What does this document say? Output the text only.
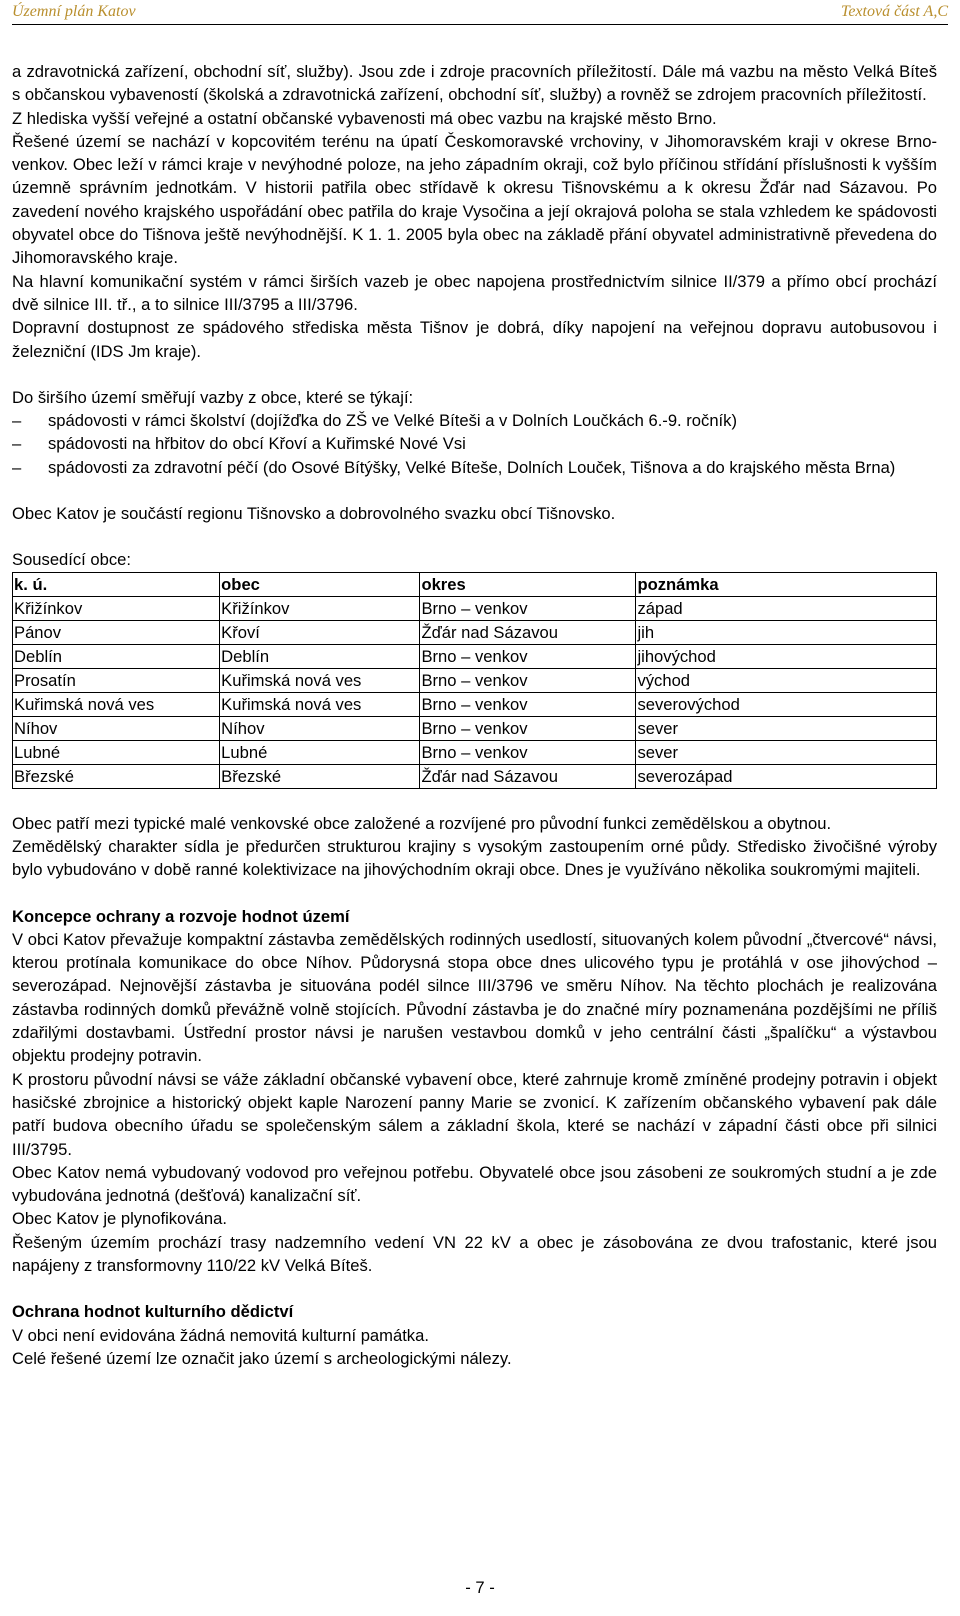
Územní plán Katov	Textová část A,C

a zdravotnická zařízení, obchodní síť, služby). Jsou zde i zdroje pracovních příležitostí. Dále má vazbu na město Velká Bíteš s občanskou vybaveností (školská a zdravotnická zařízení, obchodní síť, služby) a rovněž se zdrojem pracovních příležitostí.

Z hlediska vyšší veřejné a ostatní občanské vybavenosti má obec vazbu na krajské město Brno.

Řešené území se nachází v kopcovitém terénu na úpatí Českomoravské vrchoviny, v Jihomoravském kraji v okrese Brno-venkov. Obec leží v rámci kraje v nevýhodné poloze, na jeho západním okraji, což bylo příčinou střídání příslušnosti k vyšším územně správním jednotkám. V historii patřila obec střídavě k okresu Tišnovskému a k okresu Žďár nad Sázavou. Po zavedení nového krajského uspořádání obec patřila do kraje Vysočina a její okrajová poloha se stala vzhledem ke spádovosti obyvatel obce do Tišnova ještě nevýhodnější. K 1. 1. 2005 byla obec na základě přání obyvatel administrativně převedena do Jihomoravského kraje.

Na hlavní komunikační systém v rámci širších vazeb je obec napojena prostřednictvím silnice II/379 a přímo obcí prochází dvě silnice III. tř., a to silnice III/3795 a III/3796.

Dopravní dostupnost ze spádového střediska města Tišnov je dobrá, díky napojení na veřejnou dopravu autobusovou i železniční (IDS Jm kraje).

Do širšího území směřují vazby z obce, které se týkají:

–	spádovosti v rámci školství (dojížďka do ZŠ ve Velké Bíteši a v Dolních Loučkách 6.-9. ročník)
–	spádovosti na hřbitov do obcí Křoví a Kuřimské Nové Vsi
–	spádovosti za zdravotní péčí (do Osové Bítýšky, Velké Bíteše, Dolních Louček, Tišnova a do krajského města Brna)

Obec Katov je součástí regionu Tišnovsko a dobrovolného svazku obcí Tišnovsko.

Sousedící obce:

k. ú.	obec	okres	poznámka
Křižínkov	Křižínkov	Brno – venkov	západ
Pánov	Křoví	Žďár nad Sázavou	jih
Deblín	Deblín	Brno – venkov	jihovýchod
Prosatín	Kuřimská nová ves	Brno – venkov	východ
Kuřimská nová ves	Kuřimská nová ves	Brno – venkov	severovýchod
Níhov	Níhov	Brno – venkov	sever
Lubné	Lubné	Brno – venkov	sever
Březské	Březské	Žďár nad Sázavou	severozápad

Obec patří mezi typické malé venkovské obce založené a rozvíjené pro původní funkci zemědělskou a obytnou.

Zemědělský charakter sídla je předurčen strukturou krajiny s vysokým zastoupením orné půdy. Středisko živočišné výroby bylo vybudováno v době ranné kolektivizace na jihovýchodním okraji obce. Dnes je využíváno několika soukromými majiteli.

Koncepce ochrany a rozvoje hodnot území

V obci Katov převažuje kompaktní zástavba zemědělských rodinných usedlostí, situovaných kolem původní „čtvercové“ návsi, kterou protínala komunikace do obce Níhov. Půdorysná stopa obce dnes ulicového typu je protáhlá v ose jihovýchod – severozápad. Nejnovější zástavba je situována podél silnce III/3796 ve směru Níhov. Na těchto plochách je realizována zástavba rodinných domků převážně volně stojících. Původní zástavba je do značné míry poznamenána pozdějšími ne příliš zdařilými dostavbami. Ústřední prostor návsi je narušen vestavbou domků v jeho centrální části „špalíčku“ a výstavbou objektu prodejny potravin.

K prostoru původní návsi se váže základní občanské vybavení obce, které zahrnuje kromě zmíněné prodejny potravin i objekt hasičské zbrojnice a historický objekt kaple Narození panny Marie se zvonicí. K zařízením občanského vybavení pak dále patří budova obecního úřadu se společenským sálem a základní škola, které se nachází v západní části obce při silnici III/3795.

Obec Katov nemá vybudovaný vodovod pro veřejnou potřebu. Obyvatelé obce jsou zásobeni ze soukromých studní a je zde vybudována jednotná (dešťová) kanalizační síť.

Obec Katov je plynofikována.

Řešeným územím prochází trasy nadzemního vedení VN 22 kV a obec je zásobována ze dvou trafostanic, které jsou napájeny z transformovny 110/22 kV Velká Bíteš.

Ochrana hodnot kulturního dědictví

V obci není evidována žádná nemovitá kulturní památka.

Celé řešené území lze označit jako území s archeologickými nálezy.

- 7 -
